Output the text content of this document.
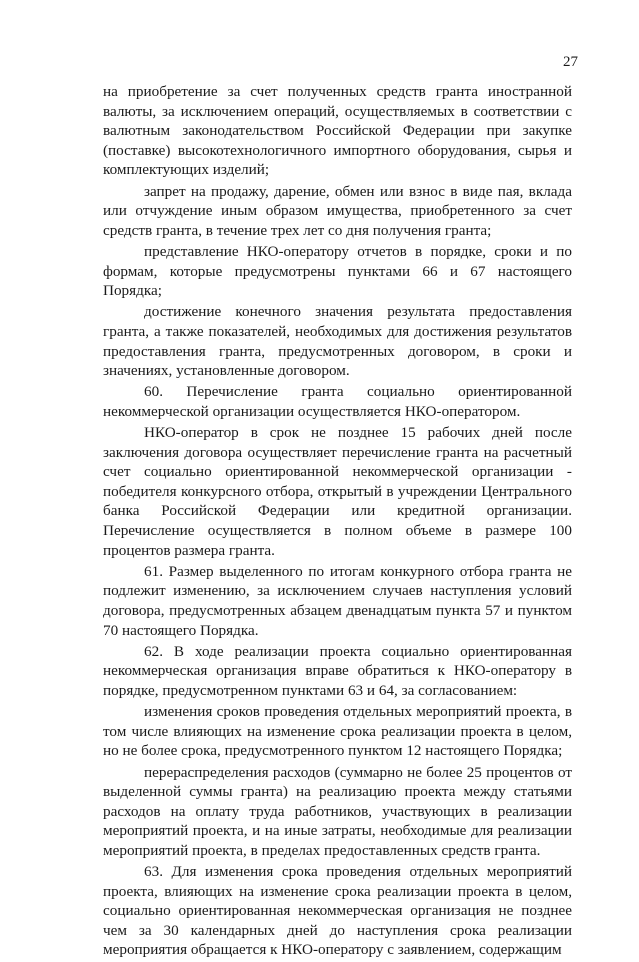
27

на приобретение за счет полученных средств гранта иностранной валюты, за исключением операций, осуществляемых в соответствии с валютным законодательством Российской Федерации при закупке (поставке) высокотехнологичного импортного оборудования, сырья и комплектующих изделий;

запрет на продажу, дарение, обмен или взнос в виде пая, вклада или отчуждение иным образом имущества, приобретенного за счет средств гранта, в течение трех лет со дня получения гранта;

представление НКО-оператору отчетов в порядке, сроки и по формам, которые предусмотрены пунктами 66 и 67 настоящего Порядка;

достижение конечного значения результата предоставления гранта, а также показателей, необходимых для достижения результатов предоставления гранта, предусмотренных договором, в сроки и значениях, установленные договором.

60. Перечисление гранта социально ориентированной некоммерческой организации осуществляется НКО-оператором.

НКО-оператор в срок не позднее 15 рабочих дней после заключения договора осуществляет перечисление гранта на расчетный счет социально ориентированной некоммерческой организации - победителя конкурсного отбора, открытый в учреждении Центрального банка Российской Федерации или кредитной организации. Перечисление осуществляется в полном объеме в размере 100 процентов размера гранта.

61. Размер выделенного по итогам конкурного отбора гранта не подлежит изменению, за исключением случаев наступления условий договора, предусмотренных абзацем двенадцатым пункта 57 и пунктом 70 настоящего Порядка.

62. В ходе реализации проекта социально ориентированная некоммерческая организация вправе обратиться к НКО-оператору в порядке, предусмотренном пунктами 63 и 64, за согласованием:

изменения сроков проведения отдельных мероприятий проекта, в том числе влияющих на изменение срока реализации проекта в целом, но не более срока, предусмотренного пунктом 12 настоящего Порядка;

перераспределения расходов (суммарно не более 25 процентов от выделенной суммы гранта) на реализацию проекта между статьями расходов на оплату труда работников, участвующих в реализации мероприятий проекта, и на иные затраты, необходимые для реализации мероприятий проекта, в пределах предоставленных средств гранта.

63. Для изменения срока проведения отдельных мероприятий проекта, влияющих на изменение срока реализации проекта в целом, социально ориентированная некоммерческая организация не позднее чем за 30 календарных дней до наступления срока реализации мероприятия обращается к НКО-оператору с заявлением, содержащим
